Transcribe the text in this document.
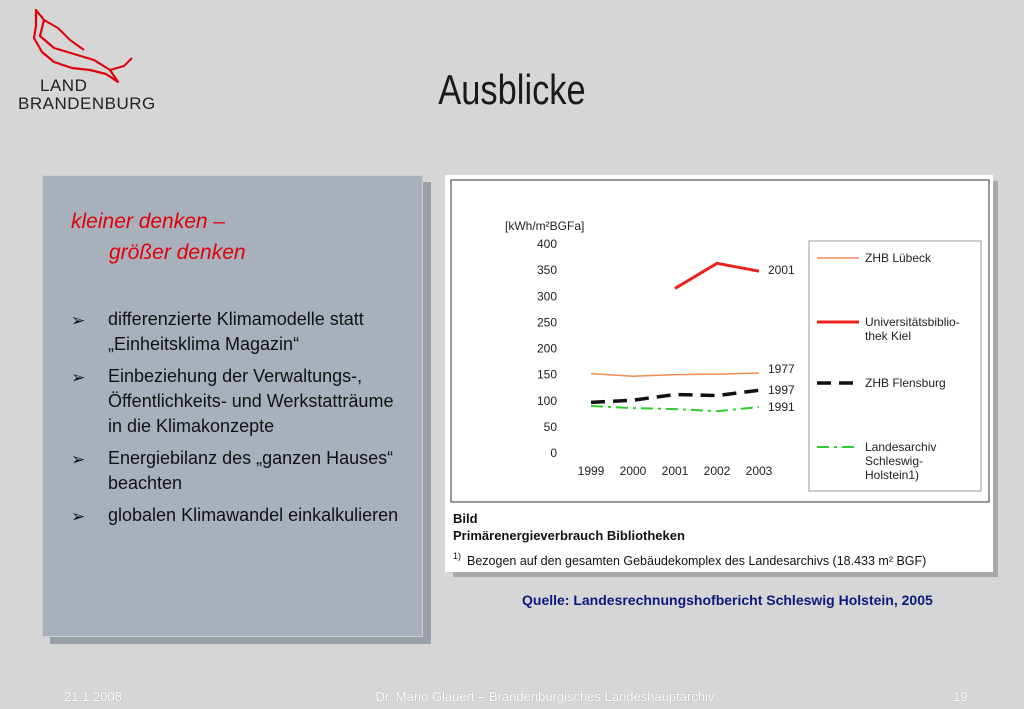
LAND
BRANDENBURG	Ausblicke
kleiner denken –
größer denken
➢ differenzierte Klimamodelle statt „Einheitsklima Magazin“
➢ Einbeziehung der Verwaltungs-, Öffentlichkeits- und Werkstatträume in die Klimakonzepte
➢ Energiebilanz des „ganzen Hauses“ beachten
➢ globalen Klimawandel einkalkulieren
[kWh/m²BGFa]
0
50
100
150
200
250
300
350
400
1999 2000 2001 2002 2003
1977
2001
1997
1991
ZHB Lübeck
Universitätsbiblio-
thek Kiel
ZHB Flensburg
Landesarchiv
Schleswig-
Holstein1)
Bild
Primärenergieverbrauch Bibliotheken
$^{1)}$ Bezogen auf den gesamten Gebäudekomplex des Landesarchivs (18.433 m² BGF)
Quelle: Landesrechnungshofbericht Schleswig Holstein, 2005
21.1.2008	Dr. Mario Glauert – Brandenburgisches Landeshauptarchiv	19
